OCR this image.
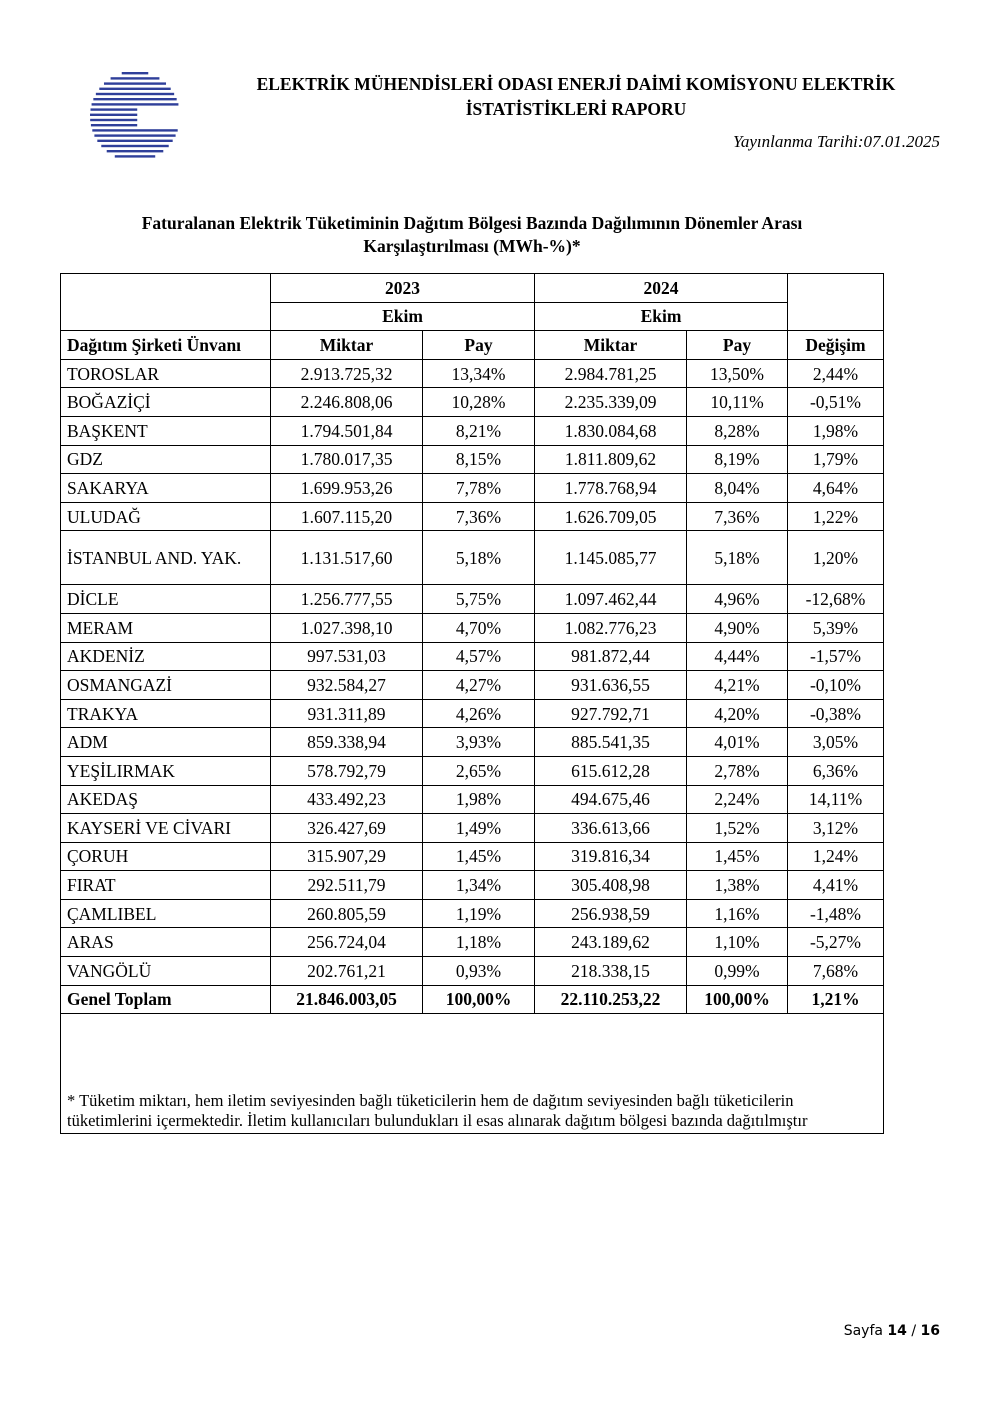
ELEKTRİK MÜHENDİSLERİ ODASI ENERJİ DAİMİ KOMİSYONU ELEKTRİK
İSTATİSTİKLERİ RAPORU
Yayınlanma Tarihi:07.01.2025
Faturalanan Elektrik Tüketiminin Dağıtım Bölgesi Bazında Dağılımının Dönemler Arası
Karşılaştırılması (MWh-%)*
	2023		2024		
	Ekim		Ekim		
Dağıtım Şirketi Ünvanı	Miktar	Pay	Miktar	Pay	Değişim
TOROSLAR	2.913.725,32	13,34%	2.984.781,25	13,50%	2,44%
BOĞAZİÇİ	2.246.808,06	10,28%	2.235.339,09	10,11%	-0,51%
BAŞKENT	1.794.501,84	8,21%	1.830.084,68	8,28%	1,98%
GDZ	1.780.017,35	8,15%	1.811.809,62	8,19%	1,79%
SAKARYA	1.699.953,26	7,78%	1.778.768,94	8,04%	4,64%
ULUDAĞ	1.607.115,20	7,36%	1.626.709,05	7,36%	1,22%
İSTANBUL AND. YAK.	1.131.517,60	5,18%	1.145.085,77	5,18%	1,20%
DİCLE	1.256.777,55	5,75%	1.097.462,44	4,96%	-12,68%
MERAM	1.027.398,10	4,70%	1.082.776,23	4,90%	5,39%
AKDENİZ	997.531,03	4,57%	981.872,44	4,44%	-1,57%
OSMANGAZİ	932.584,27	4,27%	931.636,55	4,21%	-0,10%
TRAKYA	931.311,89	4,26%	927.792,71	4,20%	-0,38%
ADM	859.338,94	3,93%	885.541,35	4,01%	3,05%
YEŞİLIRMAK	578.792,79	2,65%	615.612,28	2,78%	6,36%
AKEDAŞ	433.492,23	1,98%	494.675,46	2,24%	14,11%
KAYSERİ VE CİVARI	326.427,69	1,49%	336.613,66	1,52%	3,12%
ÇORUH	315.907,29	1,45%	319.816,34	1,45%	1,24%
FIRAT	292.511,79	1,34%	305.408,98	1,38%	4,41%
ÇAMLIBEL	260.805,59	1,19%	256.938,59	1,16%	-1,48%
ARAS	256.724,04	1,18%	243.189,62	1,10%	-5,27%
VANGÖLÜ	202.761,21	0,93%	218.338,15	0,99%	7,68%
Genel Toplam	21.846.003,05	100,00%	22.110.253,22	100,00%	1,21%
* Tüketim miktarı, hem iletim seviyesinden bağlı tüketicilerin hem de dağıtım seviyesinden bağlı tüketicilerin tüketimlerini içermektedir. İletim kullanıcıları bulundukları il esas alınarak dağıtım bölgesi bazında dağıtılmıştır					
Sayfa 14 / 16
